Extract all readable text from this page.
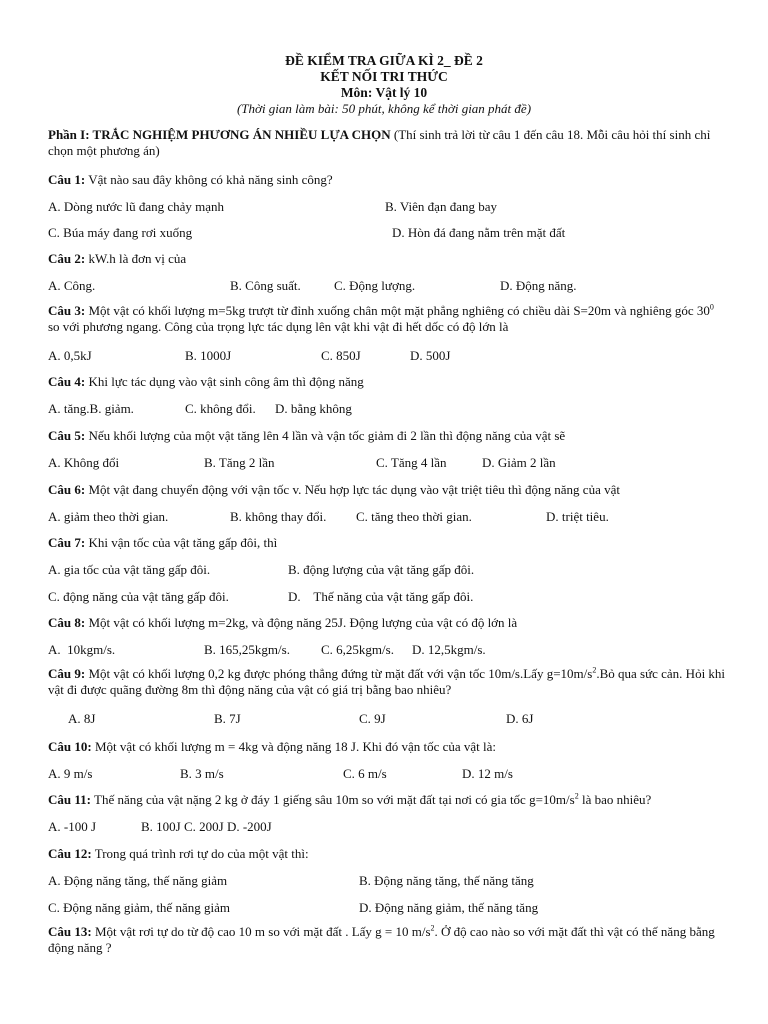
ĐỀ KIỂM TRA GIỮA KÌ 2_ ĐỀ 2
KẾT NỐI TRI THỨC
Môn: Vật lý 10
(Thời gian làm bài: 50 phút, không kể thời gian phát đề)
Phần I: TRẮC NGHIỆM PHƯƠNG ÁN NHIỀU LỰA CHỌN (Thí sinh trả lời từ câu 1 đến câu 18. Mỗi câu hỏi thí sinh chỉ chọn một phương án)
Câu 1: Vật nào sau đây không có khả năng sinh công?
A. Dòng nước lũ đang chảy mạnh	B. Viên đạn đang bay
C. Búa máy đang rơi xuống	D. Hòn đá đang nằm trên mặt đất
Câu 2: kW.h là đơn vị của
A. Công.	B. Công suất.	C. Động lượng.	D. Động năng.
Câu 3: Một vật có khối lượng m=5kg trượt từ đỉnh xuống chân một mặt phẳng nghiêng có chiều dài S=20m và nghiêng góc $30^0$ so với phương ngang. Công của trọng lực tác dụng lên vật khi vật đi hết dốc có độ lớn là
A. 0,5kJ	B. 1000J	C. 850J	D. 500J
Câu 4: Khi lực tác dụng vào vật sinh công âm thì động năng
A. tăng.B. giảm.	C. không đổi. D. bằng không
Câu 5: Nếu khối lượng của một vật tăng lên 4 lần và vận tốc giảm đi 2 lần thì động năng của vật sẽ
A. Không đổi	B. Tăng 2 lần	C. Tăng 4 lần	D. Giảm 2 lần
Câu 6: Một vật đang chuyển động với vận tốc v. Nếu hợp lực tác dụng vào vật triệt tiêu thì động năng của vật
A. giảm theo thời gian.	B. không thay đổi. C. tăng theo thời gian.	D. triệt tiêu.
Câu 7: Khi vận tốc của vật tăng gấp đôi, thì
A. gia tốc của vật tăng gấp đôi.	B. động lượng của vật tăng gấp đôi.
C. động năng của vật tăng gấp đôi.	D.    Thế năng của vật tăng gấp đôi.
Câu 8: Một vật có khối lượng m=2kg, và động năng 25J. Động lượng của vật có độ lớn là
A.  10kgm/s.	B. 165,25kgm/s. C. 6,25kgm/s. D. 12,5kgm/s.
Câu 9: Một vật có khối lượng 0,2 kg được phóng thẳng đứng từ mặt đất với vận tốc 10m/s.Lấy $g=10m/s^2.Bỏ$ qua sức cản. Hỏi khi vật đi được quãng đường 8m thì động năng của vật có giá trị bằng bao nhiêu?
A. 8J	B. 7J	C. 9J	D. 6J
Câu 10: Một vật có khối lượng m = 4kg và động năng 18 J. Khi đó vận tốc của vật là:
A. 9 m/s	B. 3 m/s	C. 6 m/s	D. 12 m/s
Câu 11: Thế năng của vật nặng 2 kg ở đáy 1 giếng sâu 10m so với mặt đất tại nơi có gia tốc $g=10m/s^2$ là bao nhiêu?
A. -100 J	B. 100J C. 200J D. -200J
Câu 12: Trong quá trình rơi tự do của một vật thì:
A. Động năng tăng, thế năng giảm	B. Động năng tăng, thế năng tăng
C. Động năng giảm, thế năng giảm	D. Động năng giảm, thế năng tăng
Câu 13: Một vật rơi tự do từ độ cao 10 m so với mặt đất . Lấy g = 10 $m/s^2$. Ở độ cao nào so với mặt đất thì vật có thế năng bằng động năng ?
